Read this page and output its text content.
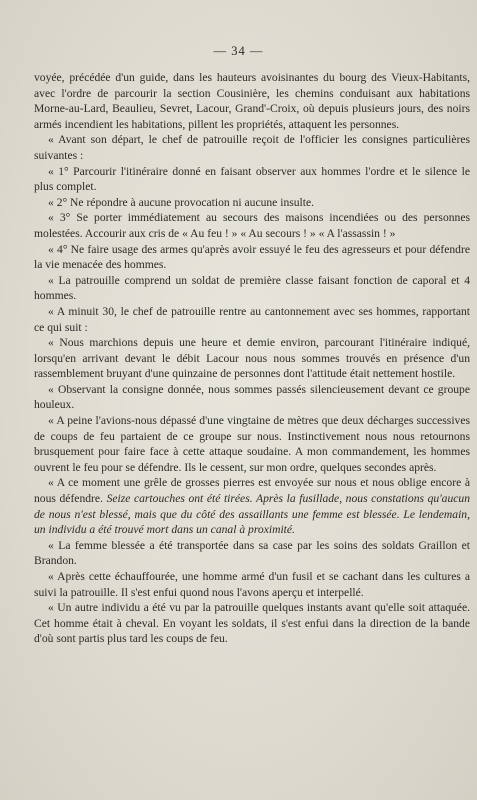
— 34 —

voyée, précédée d'un guide, dans les hauteurs avoisinantes du bourg des Vieux-Habitants, avec l'ordre de parcourir la section Cousinière, les chemins conduisant aux habitations Morne-au-Lard, Beaulieu, Sevret, Lacour, Grand'-Croix, où depuis plusieurs jours, des noirs armés incendient les habitations, pillent les propriétés, attaquent les personnes.

« Avant son départ, le chef de patrouille reçoit de l'officier les consignes particulières suivantes :

« 1° Parcourir l'itinéraire donné en faisant observer aux hommes l'ordre et le silence le plus complet.

« 2° Ne répondre à aucune provocation ni aucune insulte.

« 3° Se porter immédiatement au secours des maisons incendiées ou des personnes molestées. Accourir aux cris de « Au feu ! » « Au secours ! » « A l'assassin ! »

« 4° Ne faire usage des armes qu'après avoir essuyé le feu des agresseurs et pour défendre la vie menacée des hommes.

« La patrouille comprend un soldat de première classe faisant fonction de caporal et 4 hommes.

« A minuit 30, le chef de patrouille rentre au cantonnement avec ses hommes, rapportant ce qui suit :

« Nous marchions depuis une heure et demie environ, parcourant l'itinéraire indiqué, lorsqu'en arrivant devant le débit Lacour nous nous sommes trouvés en présence d'un rassemblement bruyant d'une quinzaine de personnes dont l'attitude était nettement hostile.

« Observant la consigne donnée, nous sommes passés silencieusement devant ce groupe houleux.

« A peine l'avions-nous dépassé d'une vingtaine de mètres que deux décharges successives de coups de feu partaient de ce groupe sur nous. Instinctivement nous nous retournons brusquement pour faire face à cette attaque soudaine. A mon commandement, les hommes ouvrent le feu pour se défendre. Ils le cessent, sur mon ordre, quelques secondes après.

« A ce moment une grêle de grosses pierres est envoyée sur nous et nous oblige encore à nous défendre. Seize cartouches ont été tirées. Après la fusillade, nous constations qu'aucun de nous n'est blessé, mais que du côté des assaillants une femme est blessée. Le lendemain, un individu a été trouvé mort dans un canal à proximité.

« La femme blessée a été transportée dans sa case par les soins des soldats Graillon et Brandon.

« Après cette échauffourée, une homme armé d'un fusil et se cachant dans les cultures a suivi la patrouille. Il s'est enfui quond nous l'avons aperçu et interpellé.

« Un autre individu a été vu par la patrouille quelques instants avant qu'elle soit attaquée. Cet homme était à cheval. En voyant les soldats, il s'est enfui dans la direction de la bande d'où sont partis plus tard les coups de feu.
